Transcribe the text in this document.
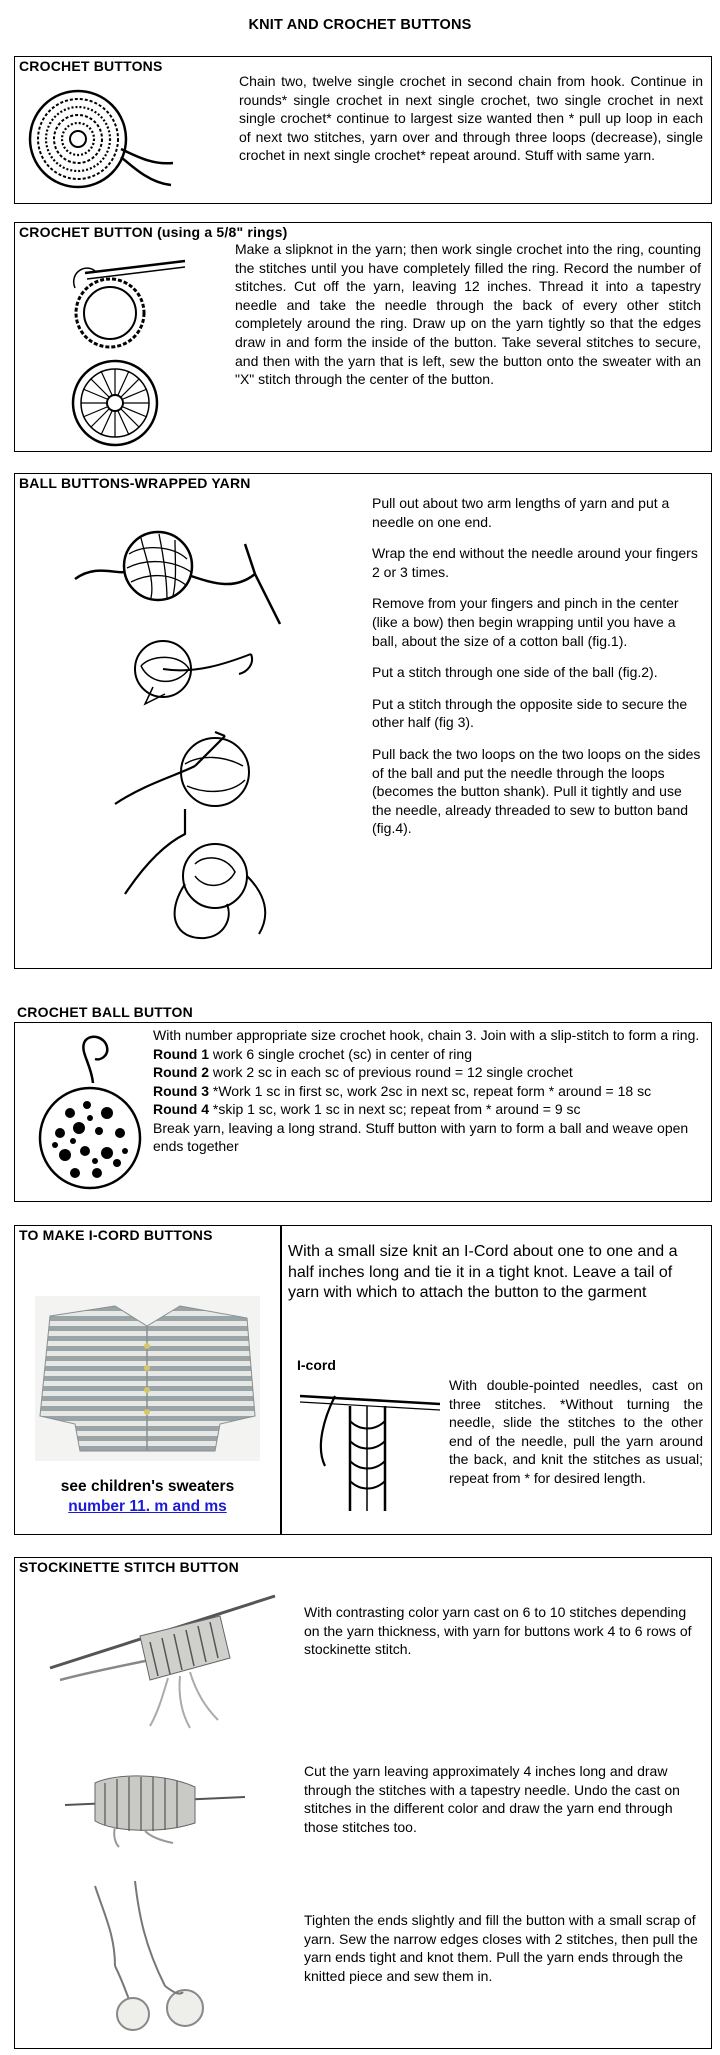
KNIT AND CROCHET BUTTONS
CROCHET BUTTONS
Chain two, twelve single crochet in second chain from hook. Continue in rounds* single crochet in next single crochet, two single crochet in next single crochet* continue to largest size wanted then * pull up loop in each of next two stitches, yarn over and through three loops (decrease), single crochet in next single crochet* repeat around. Stuff with same yarn.
CROCHET BUTTON (using a 5/8" rings)
Make a slipknot in the yarn; then work single crochet into the ring, counting the stitches until you have completely filled the ring. Record the number of stitches. Cut off the yarn, leaving 12 inches. Thread it into a tapestry needle and take the needle through the back of every other stitch completely around the ring. Draw up on the yarn tightly so that the edges draw in and form the inside of the button. Take several stitches to secure, and then with the yarn that is left, sew the button onto the sweater with an "X" stitch through the center of the button.
BALL BUTTONS-WRAPPED YARN

Pull out about two arm lengths of yarn and put a needle on one end.

Wrap the end without the needle around your fingers 2 or 3 times.

Remove from your fingers and pinch in the center (like a bow) then begin wrapping until you have a ball, about the size of a cotton ball (fig.1).

Put a stitch through one side of the ball (fig.2).

Put a stitch through the opposite side to secure the other half (fig 3).

Pull back the two loops on the two loops on the sides of the ball and put the needle through the loops (becomes the button shank). Pull it tightly and use the needle, already threaded to sew to button band (fig.4).

CROCHET BALL BUTTON
With number appropriate size crochet hook, chain 3. Join with a slip-stitch to form a ring.
Round 1 work 6 single crochet (sc) in center of ring
Round 2 work 2 sc in each sc of previous round = 12 single crochet
Round 3 *Work 1 sc in first sc, work 2sc in next sc, repeat form * around = 18 sc
Round 4 *skip 1 sc, work 1 sc in next sc; repeat from * around = 9 sc
Break yarn, leaving a long strand. Stuff button with yarn to form a ball and weave open ends together
TO MAKE I-CORD BUTTONS
see children's sweaters
number 11. m and ms
With a small size knit an I-Cord about one to one and a half inches long and tie it in a tight knot. Leave a tail of yarn with which to attach the button to the garment
I-cord
With double-pointed needles, cast on three stitches. *Without turning the needle, slide the stitches to the other end of the needle, pull the yarn around the back, and knit the stitches as usual; repeat from * for desired length.
STOCKINETTE STITCH BUTTON
With contrasting color yarn cast on 6 to 10 stitches depending on the yarn thickness, with yarn for buttons work 4 to 6 rows of stockinette stitch.
Cut the yarn leaving approximately 4 inches long and draw through the stitches with a tapestry needle. Undo the cast on stitches in the different color and draw the yarn end through those stitches too.
Tighten the ends slightly and fill the button with a small scrap of yarn. Sew the narrow edges closes with 2 stitches, then pull the yarn ends tight and knot them. Pull the yarn ends through the knitted piece and sew them in.
